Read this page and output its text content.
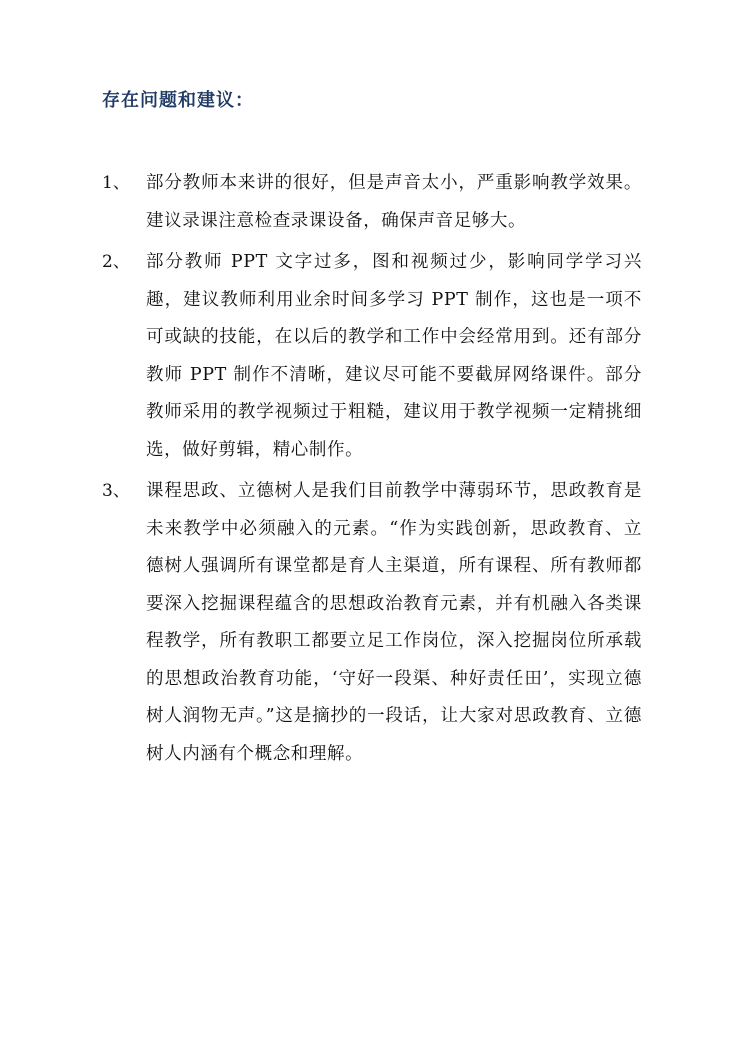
存在问题和建议：
1、 部分教师本来讲的很好，但是声音太小，严重影响教学效果。建议录课注意检查录课设备，确保声音足够大。
2、 部分教师 PPT 文字过多，图和视频过少，影响同学学习兴趣，建议教师利用业余时间多学习 PPT 制作，这也是一项不可或缺的技能，在以后的教学和工作中会经常用到。还有部分教师 PPT 制作不清晰，建议尽可能不要截屏网络课件。部分教师采用的教学视频过于粗糙，建议用于教学视频一定精挑细选，做好剪辑，精心制作。
3、 课程思政、立德树人是我们目前教学中薄弱环节，思政教育是未来教学中必须融入的元素。“作为实践创新，思政教育、立德树人强调所有课堂都是育人主渠道，所有课程、所有教师都要深入挖掘课程蕴含的思想政治教育元素，并有机融入各类课程教学，所有教职工都要立足工作岗位，深入挖掘岗位所承载的思想政治教育功能，‘守好一段渠、种好责任田’，实现立德树人润物无声。”这是摘抄的一段话，让大家对思政教育、立德树人内涵有个概念和理解。
